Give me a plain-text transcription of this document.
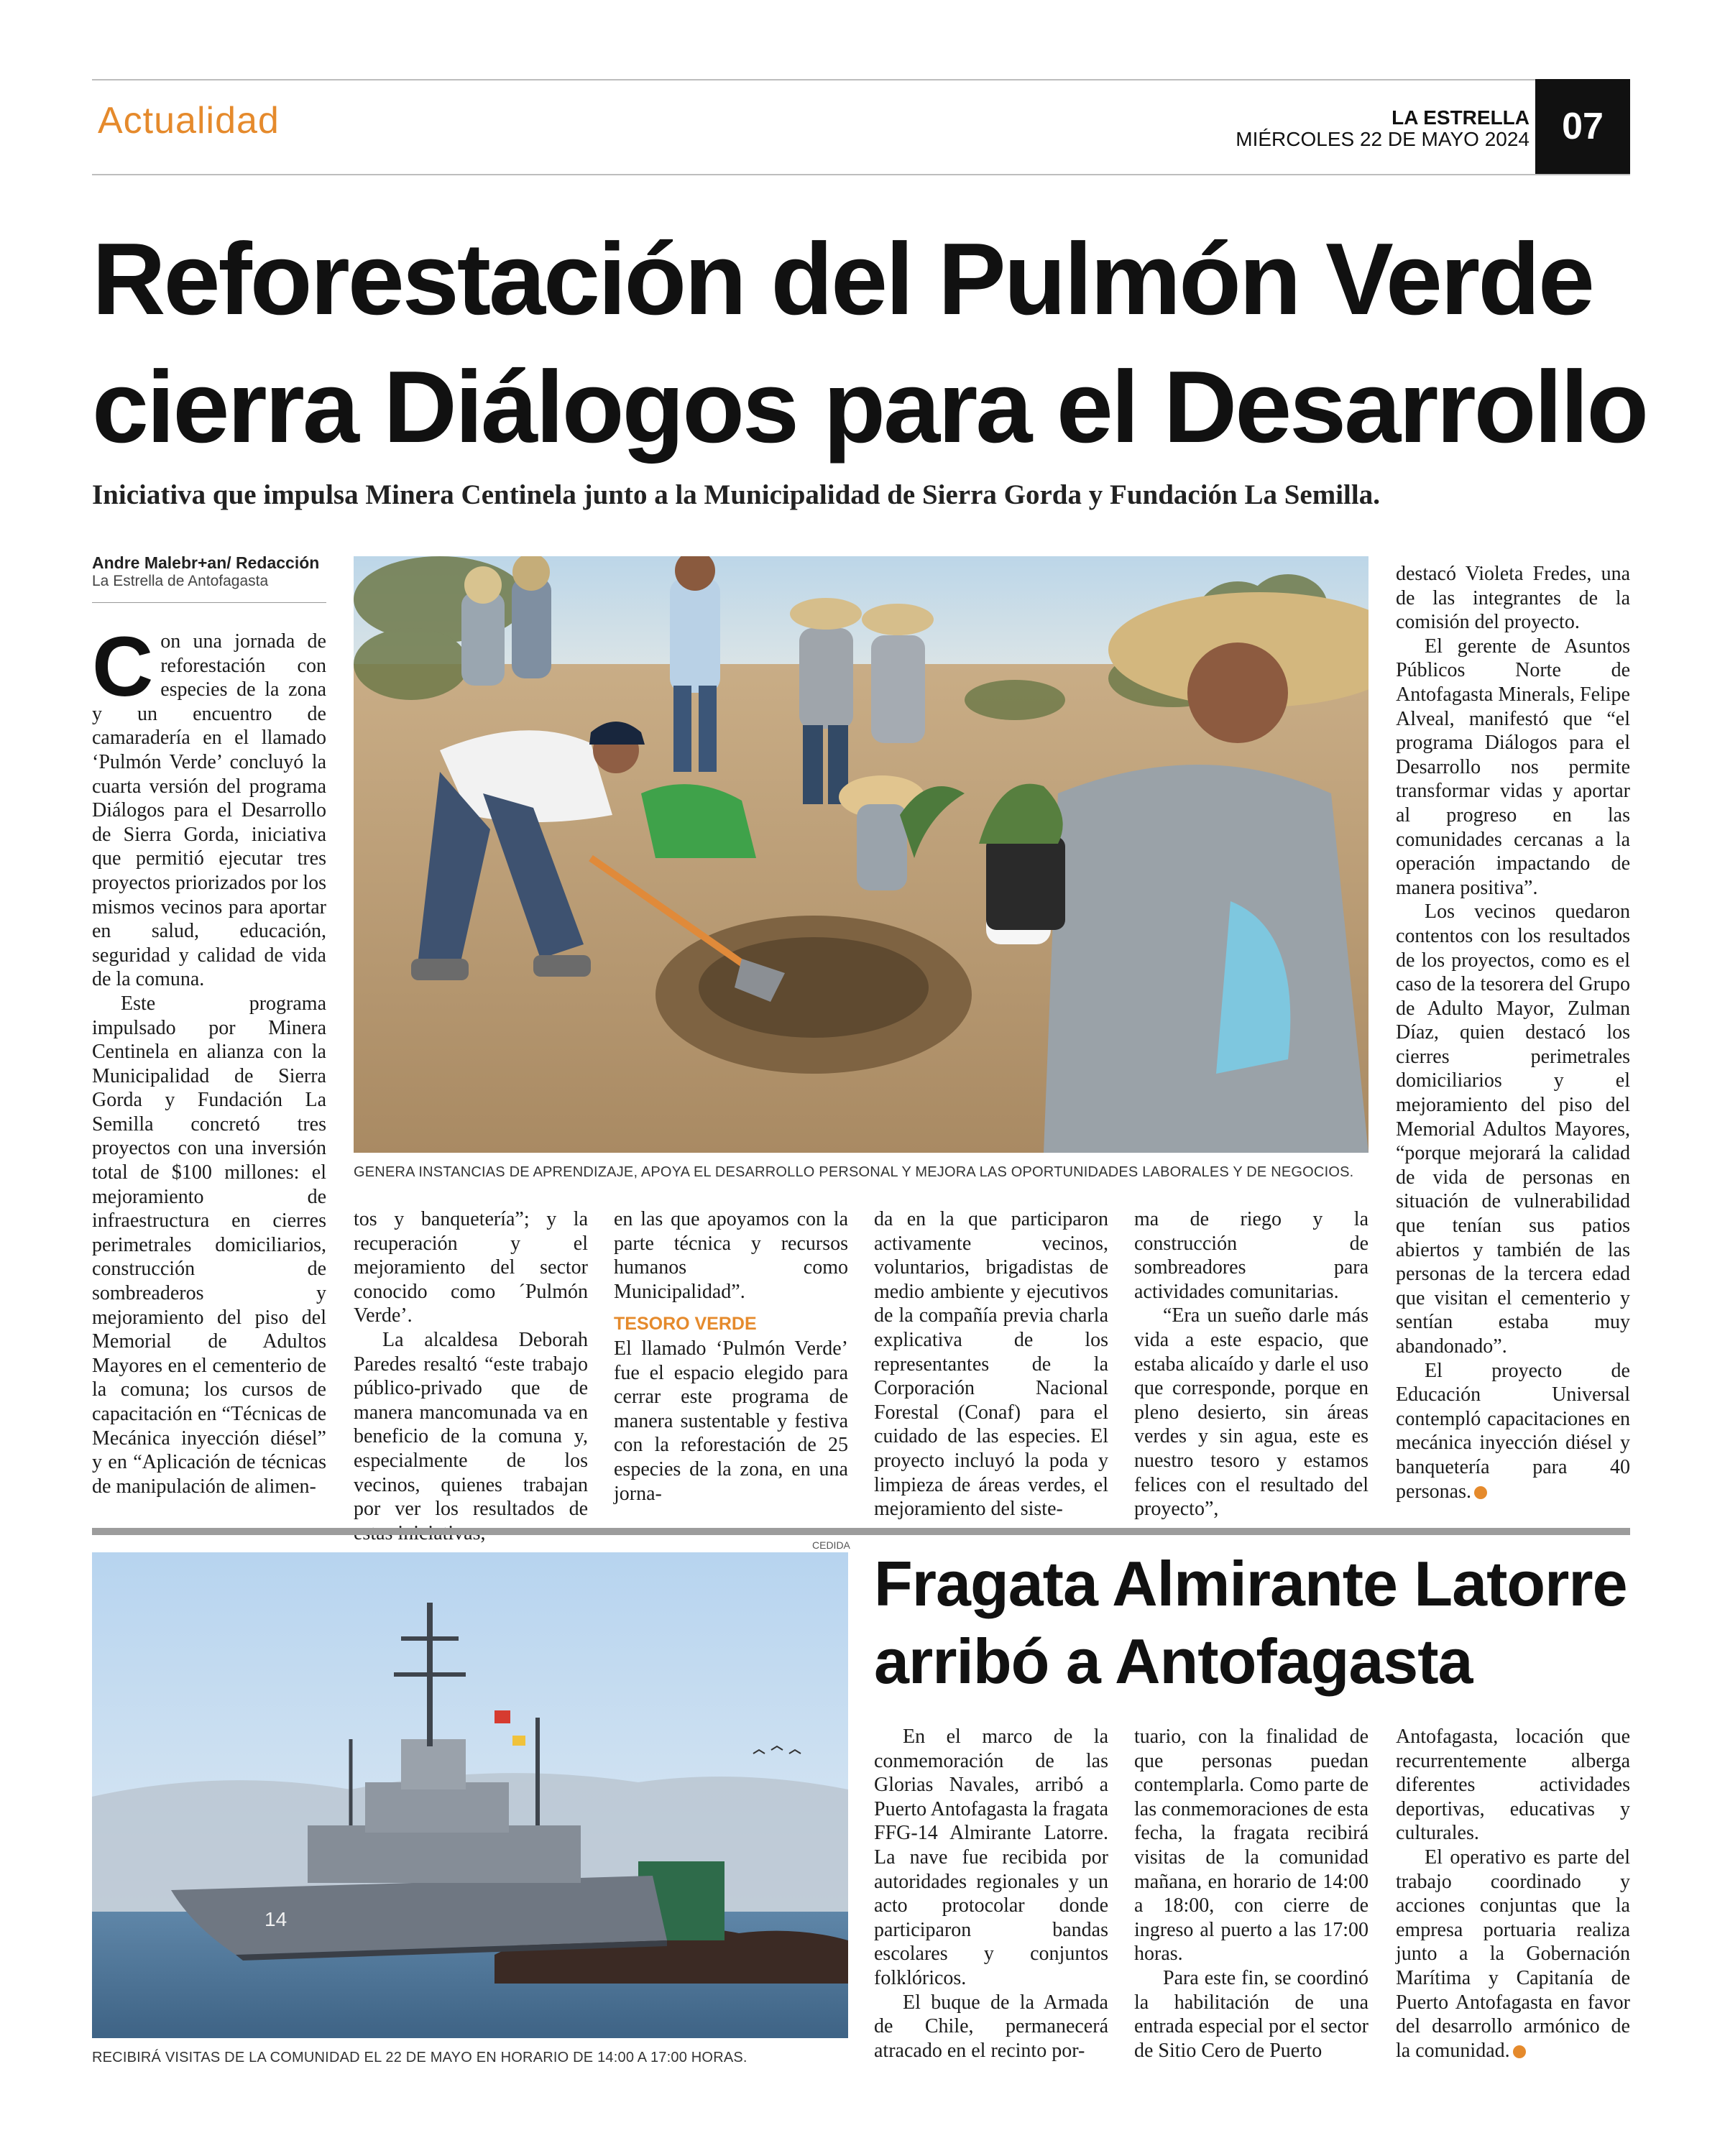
Actualidad	LA ESTRELLA
MIÉRCOLES 22 DE MAYO 2024 07
Reforestación del Pulmón Verde
cierra Diálogos para el Desarrollo
Iniciativa que impulsa Minera Centinela junto a la Municipalidad de Sierra Gorda y Fundación La Semilla.
Andre Malebr+an/ Redacción
La Estrella de Antofagasta

Con una jornada de reforestación con especies de la zona y un encuentro de camaradería en el llamado ‘Pulmón Verde’ concluyó la cuarta versión del programa Diálogos para el Desarrollo de Sierra Gorda, iniciativa que permitió ejecutar tres proyectos priorizados por los mismos vecinos para aportar en salud, educación, seguridad y calidad de vida de la comuna.

Este programa impulsado por Minera Centinela en alianza con la Municipalidad de Sierra Gorda y Fundación La Semilla concretó tres proyectos con una inversión total de $100 millones: el mejoramiento de infraestructura en cierres perimetrales domiciliarios, construcción de sombreaderos y mejoramiento del piso del Memorial de Adultos Mayores en el cementerio de la comuna; los cursos de capacitación en “Técnicas de Mecánica inyección diésel” y en “Aplicación de técnicas de manipulación de alimen-

GENERA INSTANCIAS DE APRENDIZAJE, APOYA EL DESARROLLO PERSONAL Y MEJORA LAS OPORTUNIDADES LABORALES Y DE NEGOCIOS.

tos y banquetería”; y la recuperación y el mejoramiento del sector conocido como ´Pulmón Verde’.

La alcaldesa Deborah Paredes resaltó “este trabajo público-privado que de manera mancomunada va en beneficio de la comuna y, especialmente de los vecinos, quienes trabajan por ver los resultados de

en las que apoyamos con la parte técnica y recursos humanos como Municipalidad”.

TESORO VERDE

El llamado ‘Pulmón Verde’ fue el espacio elegido para cerrar este programa de manera sustentable y festiva con la reforestación de 25 especies de la zona, en una jorna-

da en la que participaron activamente vecinos, voluntarios, brigadistas de medio ambiente y ejecutivos de la compañía previa charla explicativa de los representantes de la Corporación Nacional Forestal (Conaf) para el cuidado de las especies. El proyecto incluyó la poda y limpieza de áreas verdes, el mejoramiento del siste-

ma de riego y la construcción de sombreadores para actividades comunitarias.

“Era un sueño darle más vida a este espacio, que estaba alicaído y darle el uso que corresponde, porque en pleno desierto, sin áreas verdes y sin agua, este es nuestro tesoro y estamos felices con el resultado del proyecto”,

destacó Violeta Fredes, una de las integrantes de la comisión del proyecto.

El gerente de Asuntos Públicos Norte de Antofagasta Minerals, Felipe Alveal, manifestó que “el programa Diálogos para el Desarrollo nos permite transformar vidas y aportar al progreso en las comunidades cercanas a la operación impactando de manera positiva”.

Los vecinos quedaron contentos con los resultados de los proyectos, como es el caso de la tesorera del Grupo de Adulto Mayor, Zulman Díaz, quien destacó los cierres perimetrales domiciliarios y el mejoramiento del piso del Memorial Adultos Mayores, “porque mejorará la calidad de vida de personas en situación de vulnerabilidad que tenían sus patios abiertos y también de las personas de la tercera edad que visitan el cementerio y sentían estaba muy abandonado”.

El proyecto de Educación Universal contempló capacitaciones en mecánica inyección diésel y banquetería para 40 personas.

CEDIDA
14
RECIBIRÁ VISITAS DE LA COMUNIDAD EL 22 DE MAYO EN HORARIO DE 14:00 A 17:00 HORAS.
Fragata Almirante Latorre
arribó a Antofagasta

En el marco de la conmemoración de las Glorias Navales, arribó a Puerto Antofagasta la fragata FFG-14 Almirante Latorre. La nave fue recibida por autoridades regionales y un acto protocolar donde participaron bandas escolares y conjuntos folklóricos.

El buque de la Armada de Chile, permanecerá atracado en el recinto por-

tuario, con la finalidad de que personas puedan contemplarla. Como parte de las conmemoraciones de esta fecha, la fragata recibirá visitas de la comunidad mañana, en horario de 14:00 a 18:00, con cierre de ingreso al puerto a las 17:00 horas.

Para este fin, se coordinó la habilitación de una entrada especial por el sector de Sitio Cero de Puerto

Antofagasta, locación que recurrentemente alberga diferentes actividades deportivas, educativas y culturales.

El operativo es parte del trabajo coordinado y acciones conjuntas que la empresa portuaria realiza junto a la Gobernación Marítima y Capitanía de Puerto Antofagasta en favor del desarrollo armónico de la comunidad.
